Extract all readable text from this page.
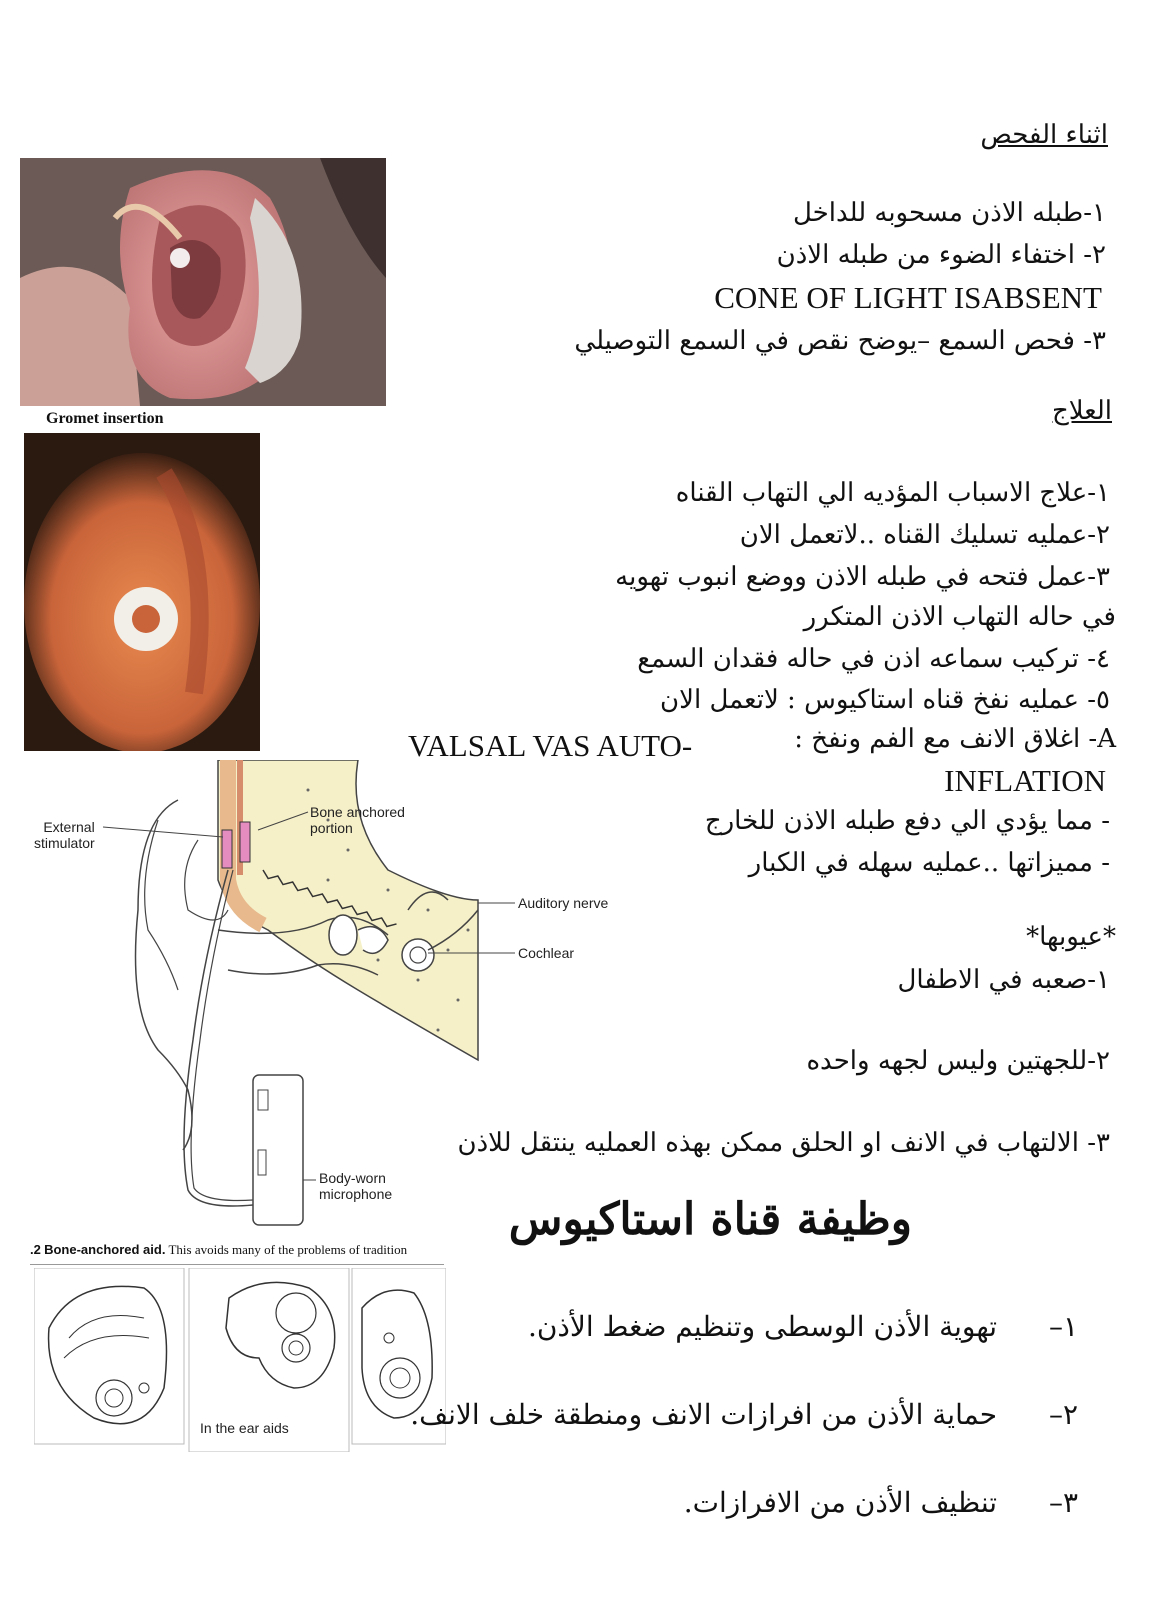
Gromet insertion
External
stimulator
Bone anchored
portion
Auditory nerve
Cochlear
Body-worn
microphone
.2 Bone-anchored aid. This avoids many of the problems of tradition
In the ear aids
اثناء الفحص
١-طبله الاذن مسحوبه للداخل
٢- اختفاء الضوء من طبله الاذن
CONE OF LIGHT ISABSENT
٣- فحص السمع –يوضح نقص في السمع التوصيلي
العلاج
١-علاج الاسباب المؤديه الي التهاب القناه
٢-عمليه تسليك القناه ..لاتعمل الان
٣-عمل فتحه في طبله الاذن ووضع انبوب تهويه
في حاله التهاب الاذن المتكرر
٤- تركيب سماعه اذن في حاله فقدان السمع
٥- عمليه نفخ قناه استاكيوس : لاتعمل الان
A- اغلاق الانف مع الفم ونفخ :
VALSAL VAS AUTO-
INFLATION
- مما يؤدي الي دفع طبله الاذن للخارج
- مميزاتها ..عمليه سهله في الكبار
*عيوبها*
١-صعبه في الاطفال
٢-للجهتين وليس لجهه واحده
٣- الالتهاب في الانف او الحلق ممكن بهذه العمليه ينتقل للاذن
وظيفة قناة استاكيوس
١– تهوية الأذن الوسطى وتنظيم ضغط الأذن.
٢– حماية الأذن من افرازات الانف ومنطقة خلف الانف.
٣– تنظيف الأذن من الافرازات.
